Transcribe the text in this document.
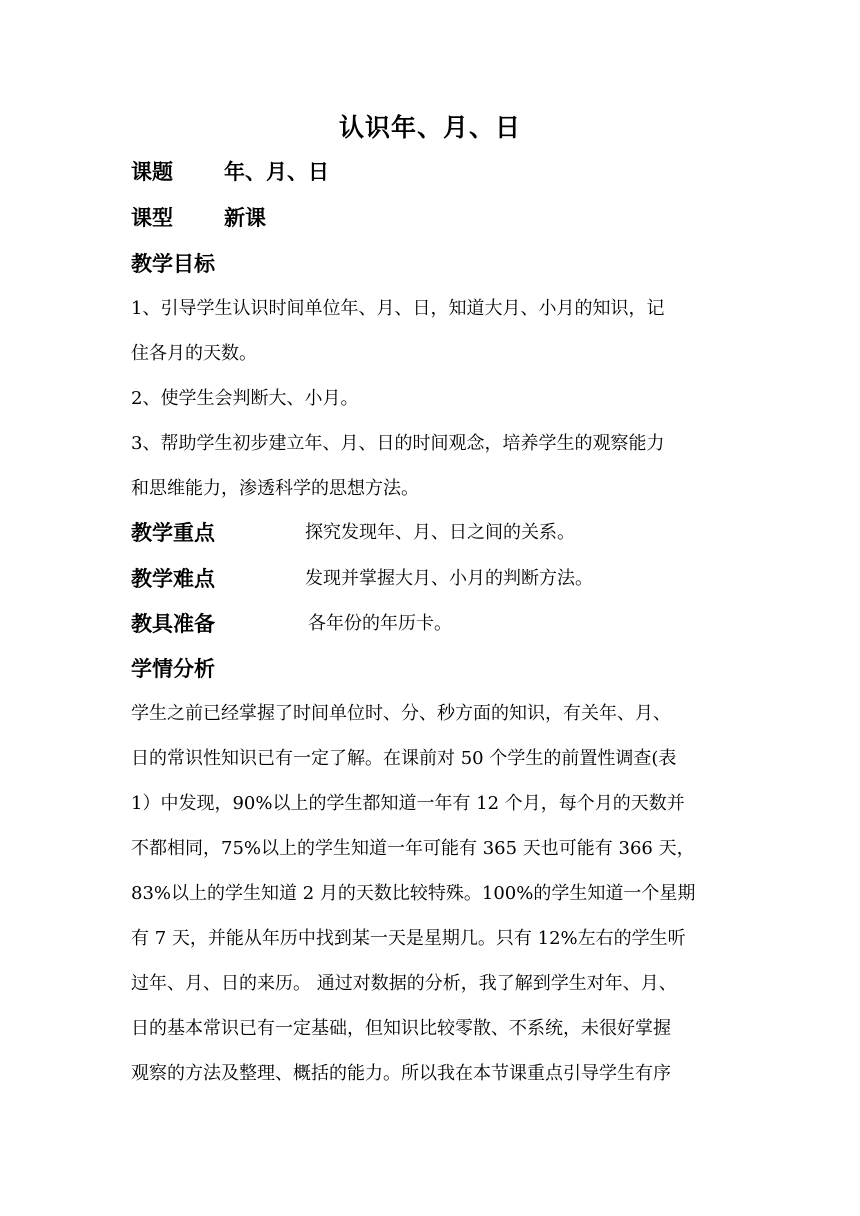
认识年、月、日
课题 年、月、日
课型 新课
教学目标
1、引导学生认识时间单位年、月、日，知道大月、小月的知识，记
住各月的天数。
2、使学生会判断大、小月。
3、帮助学生初步建立年、月、日的时间观念，培养学生的观察能力
和思维能力，渗透科学的思想方法。
教学重点	探究发现年、月、日之间的关系。
教学难点	发现并掌握大月、小月的判断方法。
教具准备	各年份的年历卡。
学情分析
学生之前已经掌握了时间单位时、分、秒方面的知识，有关年、月、
日的常识性知识已有一定了解。在课前对 50 个学生的前置性调查(表
1）中发现，90%以上的学生都知道一年有 12 个月，每个月的天数并
不都相同，75%以上的学生知道一年可能有 365 天也可能有 366 天，
83%以上的学生知道 2 月的天数比较特殊。100%的学生知道一个星期
有 7 天，并能从年历中找到某一天是星期几。只有 12%左右的学生听
过年、月、日的来历。 通过对数据的分析，我了解到学生对年、月、
日的基本常识已有一定基础，但知识比较零散、不系统，未很好掌握
观察的方法及整理、概括的能力。所以我在本节课重点引导学生有序
